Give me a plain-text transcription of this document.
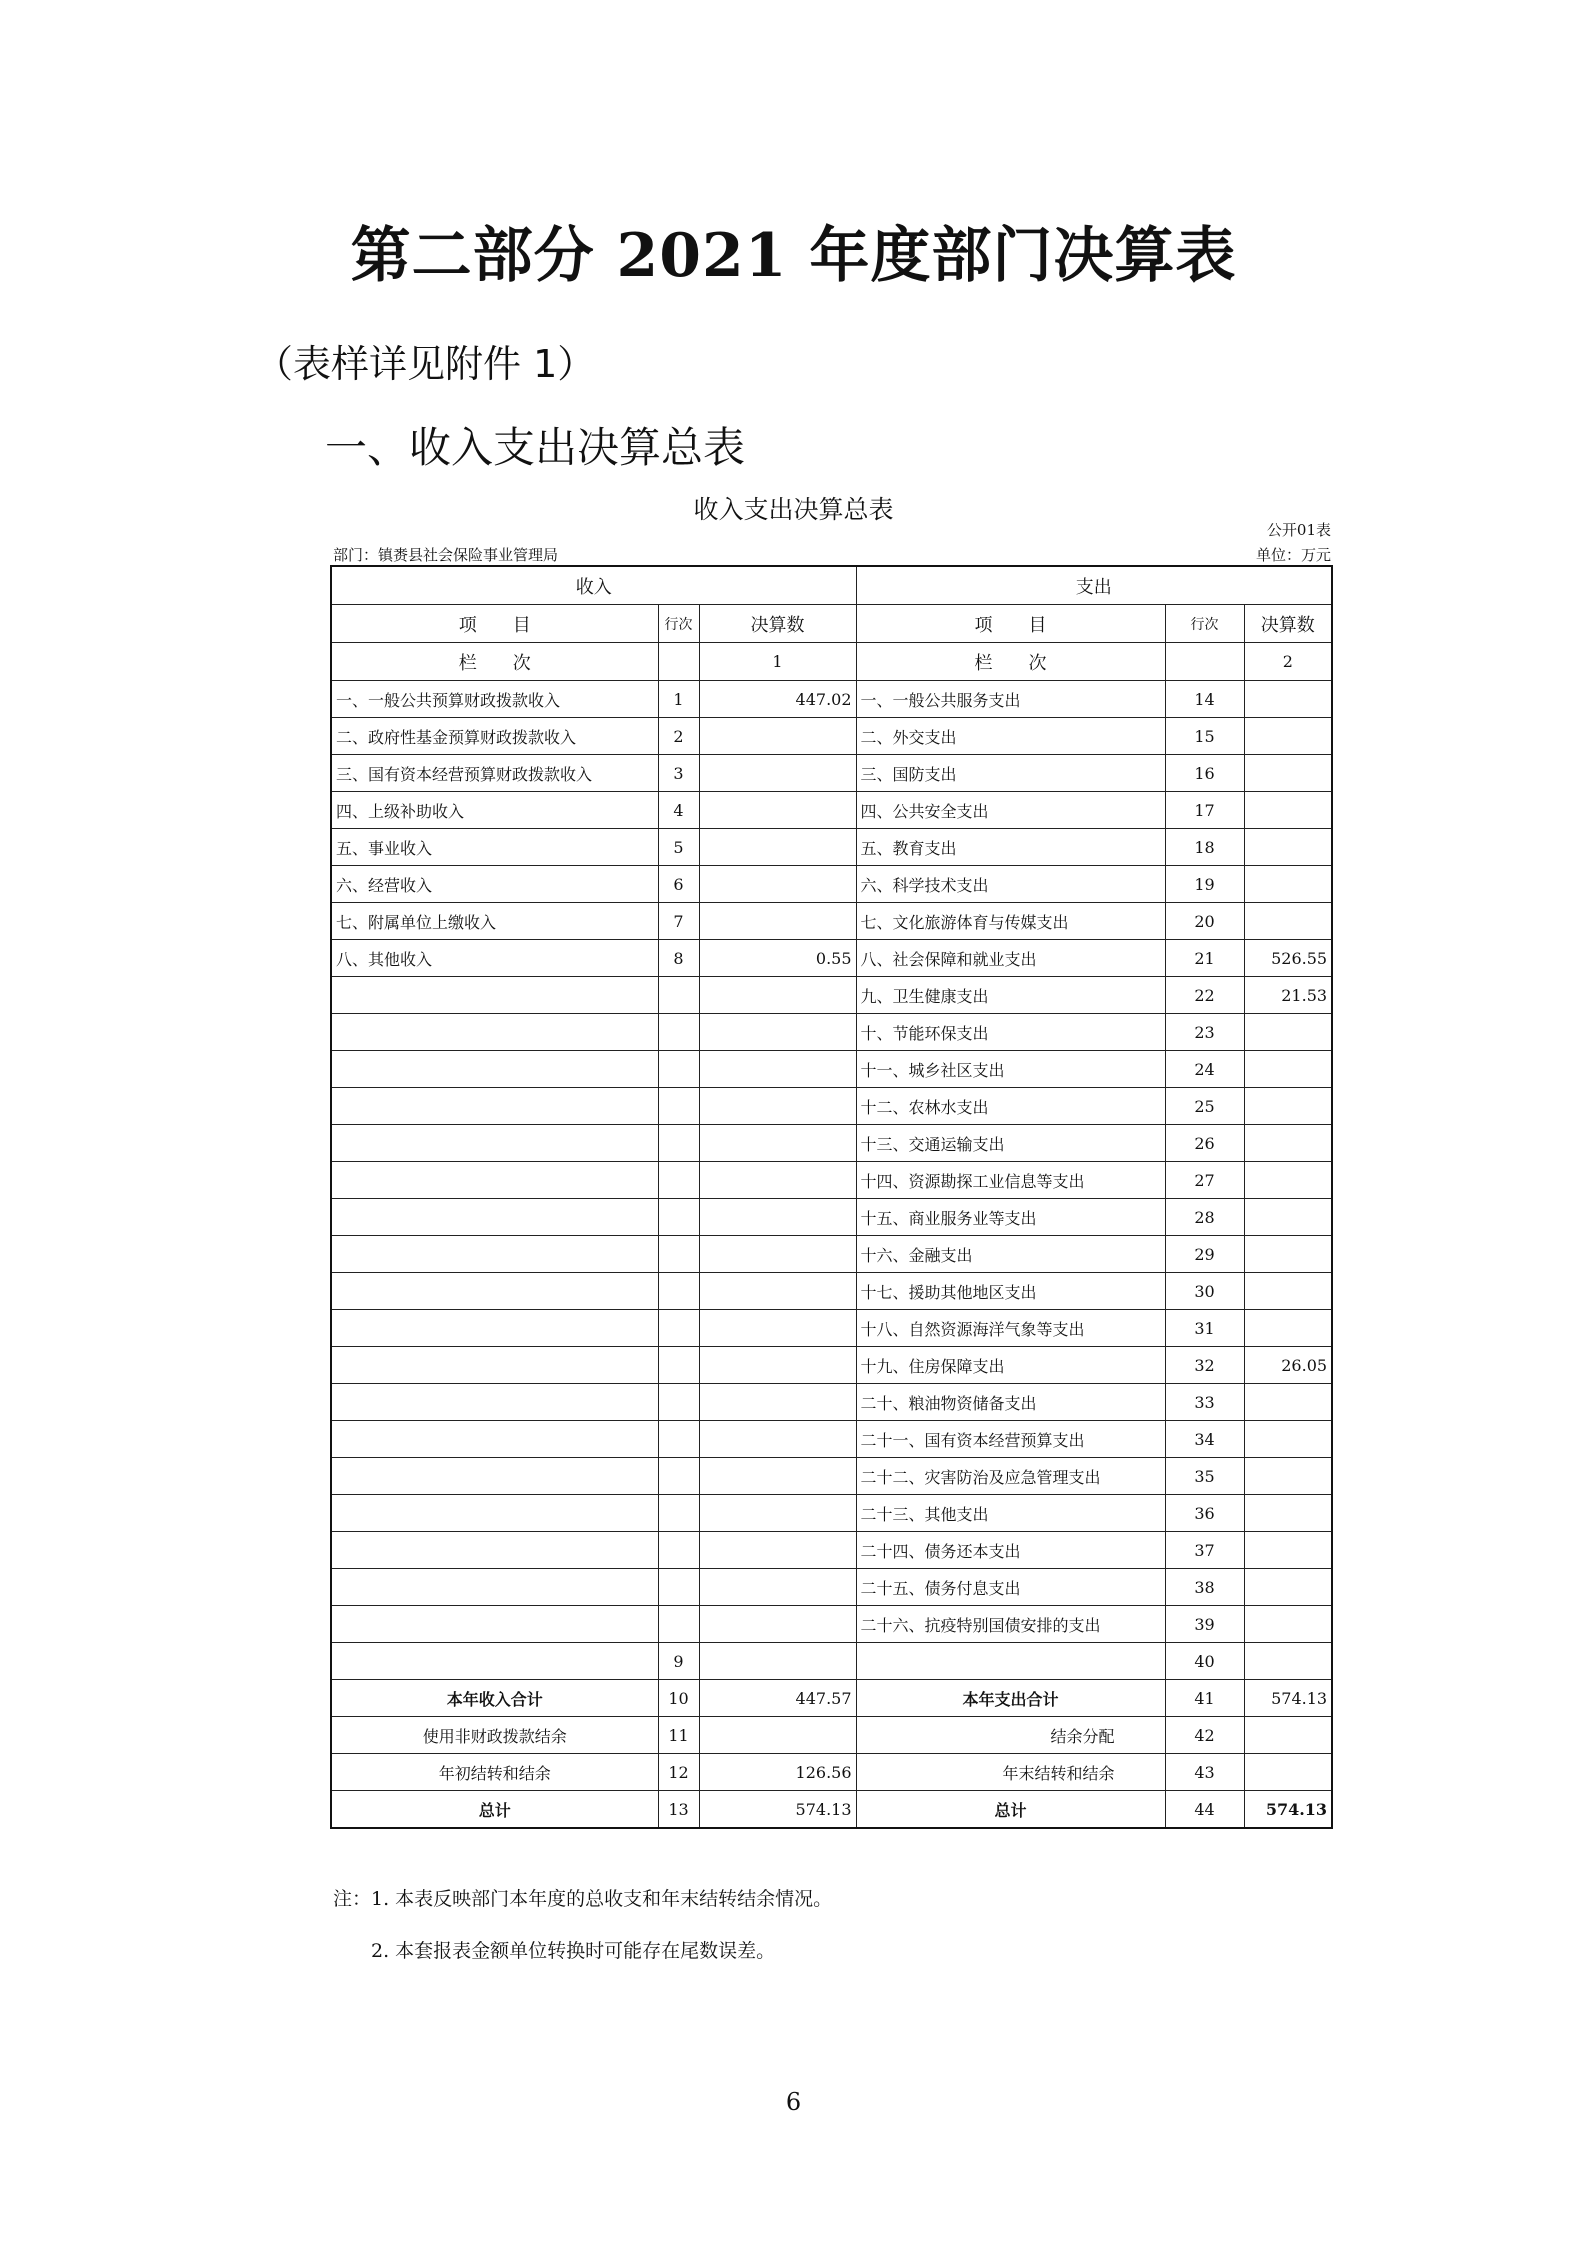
第二部分 2021 年度部门决算表
（表样详见附件 1）
一、收入支出决算总表
收入支出决算总表
公开01表
部门：镇赉县社会保险事业管理局	单位：万元
收入			支出		
项　　目	行次	决算数	项　　目	行次	决算数
栏　　次		1	栏　　次		2
一、一般公共预算财政拨款收入	1	447.02	一、一般公共服务支出	14	
二、政府性基金预算财政拨款收入	2		二、外交支出	15	
三、国有资本经营预算财政拨款收入	3		三、国防支出	16	
四、上级补助收入	4		四、公共安全支出	17	
五、事业收入	5		五、教育支出	18	
六、经营收入	6		六、科学技术支出	19	
七、附属单位上缴收入	7		七、文化旅游体育与传媒支出	20	
八、其他收入	8	0.55	八、社会保障和就业支出	21	526.55
			九、卫生健康支出	22	21.53
			十、节能环保支出	23	
			十一、城乡社区支出	24	
			十二、农林水支出	25	
			十三、交通运输支出	26	
			十四、资源勘探工业信息等支出	27	
			十五、商业服务业等支出	28	
			十六、金融支出	29	
			十七、援助其他地区支出	30	
			十八、自然资源海洋气象等支出	31	
			十九、住房保障支出	32	26.05
			二十、粮油物资储备支出	33	
			二十一、国有资本经营预算支出	34	
			二十二、灾害防治及应急管理支出	35	
			二十三、其他支出	36	
			二十四、债务还本支出	37	
			二十五、债务付息支出	38	
			二十六、抗疫特别国债安排的支出	39	
	9			40	
本年收入合计	10	447.57	本年支出合计	41	574.13
使用非财政拨款结余	11		结余分配	42	
年初结转和结余	12	126.56	年末结转和结余	43	
总计	13	574.13	总计	44	574.13
注：1. 本表反映部门本年度的总收支和年末结转结余情况。
2. 本套报表金额单位转换时可能存在尾数误差。
6
